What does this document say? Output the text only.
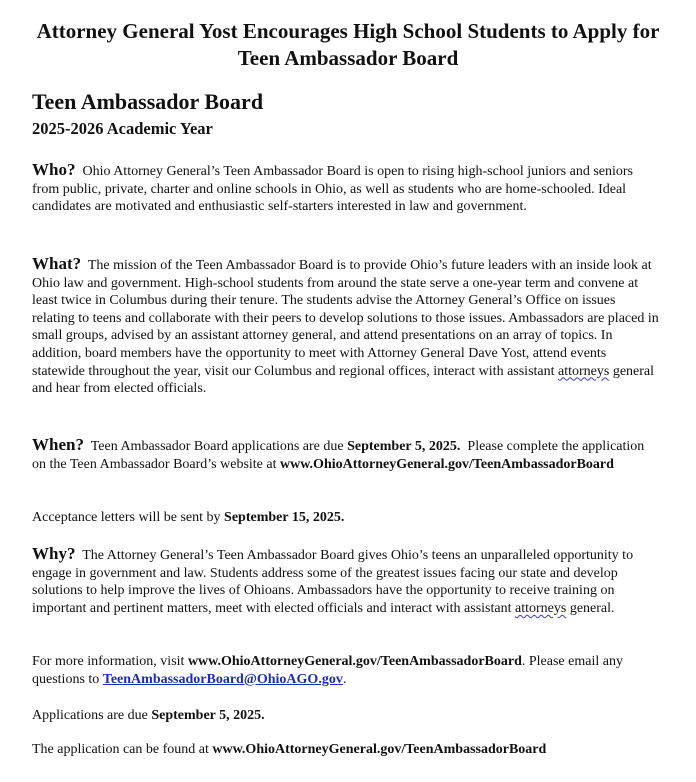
Attorney General Yost Encourages High School Students to Apply for Teen Ambassador Board
Teen Ambassador Board
2025-2026 Academic Year
Who? Ohio Attorney General’s Teen Ambassador Board is open to rising high-school juniors and seniors from public, private, charter and online schools in Ohio, as well as students who are home-schooled. Ideal candidates are motivated and enthusiastic self-starters interested in law and government.
What? The mission of the Teen Ambassador Board is to provide Ohio’s future leaders with an inside look at Ohio law and government. High-school students from around the state serve a one-year term and convene at least twice in Columbus during their tenure. The students advise the Attorney General’s Office on issues relating to teens and collaborate with their peers to develop solutions to those issues. Ambassadors are placed in small groups, advised by an assistant attorney general, and attend presentations on an array of topics. In addition, board members have the opportunity to meet with Attorney General Dave Yost, attend events statewide throughout the year, visit our Columbus and regional offices, interact with assistant attorneys general and hear from elected officials.
When? Teen Ambassador Board applications are due September 5, 2025. Please complete the application on the Teen Ambassador Board’s website at www.OhioAttorneyGeneral.gov/TeenAmbassadorBoard
Acceptance letters will be sent by September 15, 2025.
Why? The Attorney General’s Teen Ambassador Board gives Ohio’s teens an unparalleled opportunity to engage in government and law. Students address some of the greatest issues facing our state and develop solutions to help improve the lives of Ohioans. Ambassadors have the opportunity to receive training on important and pertinent matters, meet with elected officials and interact with assistant attorneys general.
For more information, visit www.OhioAttorneyGeneral.gov/TeenAmbassadorBoard. Please email any questions to TeenAmbassadorBoard@OhioAGO.gov.
Applications are due September 5, 2025.
The application can be found at www.OhioAttorneyGeneral.gov/TeenAmbassadorBoard
